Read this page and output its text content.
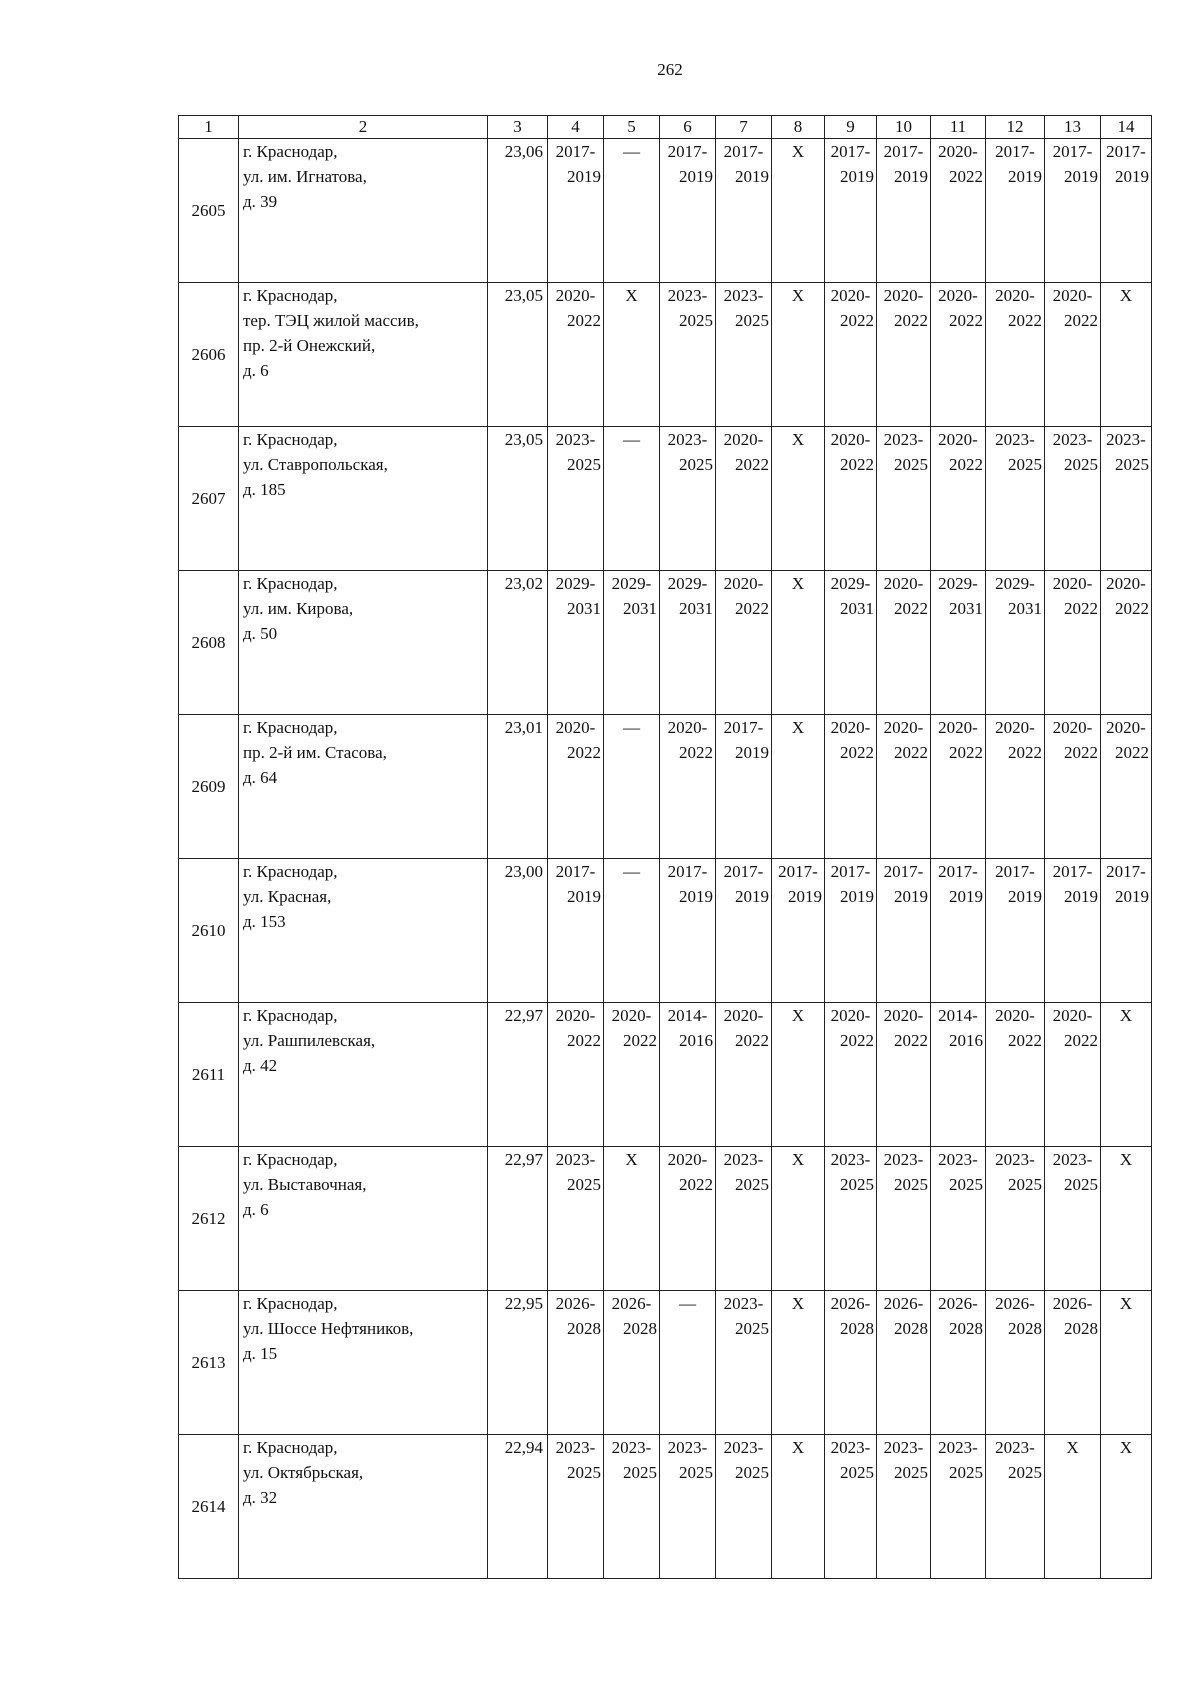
262
1	2	3	4	5	6	7	8	9	10	11	12	13	14
2605	г. Краснодар,
ул. им. Игнатова,
д. 39	23,06	2017-
2019	—	2017-
2019	2017-
2019	X	2017-
2019	2017-
2019	2020-
2022	2017-
2019	2017-
2019	2017-
2019

2606	г. Краснодар,
тер. ТЭЦ жилой массив,
пр. 2-й Онежский,
д. 6	23,05	2020-
2022	X	2023-
2025	2023-
2025	X	2020-
2022	2020-
2022	2020-
2022	2020-
2022	2020-
2022	X

2607	г. Краснодар,
ул. Ставропольская,
д. 185	23,05	2023-
2025	—	2023-
2025	2020-
2022	X	2020-
2022	2023-
2025	2020-
2022	2023-
2025	2023-
2025	2023-
2025

2608	г. Краснодар,
ул. им. Кирова,
д. 50	23,02	2029-
2031	2029-
2031	2029-
2031	2020-
2022	X	2029-
2031	2020-
2022	2029-
2031	2029-
2031	2020-
2022	2020-
2022

2609	г. Краснодар,
пр. 2-й им. Стасова,
д. 64	23,01	2020-
2022	—	2020-
2022	2017-
2019	X	2020-
2022	2020-
2022	2020-
2022	2020-
2022	2020-
2022	2020-
2022

2610	г. Краснодар,
ул. Красная,
д. 153	23,00	2017-
2019	—	2017-
2019	2017-
2019	2017-
2019	2017-
2019	2017-
2019	2017-
2019	2017-
2019	2017-
2019	2017-
2019

2611	г. Краснодар,
ул. Рашпилевская,
д. 42	22,97	2020-
2022	2020-
2022	2014-
2016	2020-
2022	X	2020-
2022	2020-
2022	2014-
2016	2020-
2022	2020-
2022	X

2612	г. Краснодар,
ул. Выставочная,
д. 6	22,97	2023-
2025	X	2020-
2022	2023-
2025	X	2023-
2025	2023-
2025	2023-
2025	2023-
2025	2023-
2025	X

2613	г. Краснодар,
ул. Шоссе Нефтяников,
д. 15	22,95	2026-
2028	2026-
2028	—	2023-
2025	X	2026-
2028	2026-
2028	2026-
2028	2026-
2028	2026-
2028	X

2614	г. Краснодар,
ул. Октябрьская,
д. 32	22,94	2023-
2025	2023-
2025	2023-
2025	2023-
2025	X	2023-
2025	2023-
2025	2023-
2025	2023-
2025	X	X
